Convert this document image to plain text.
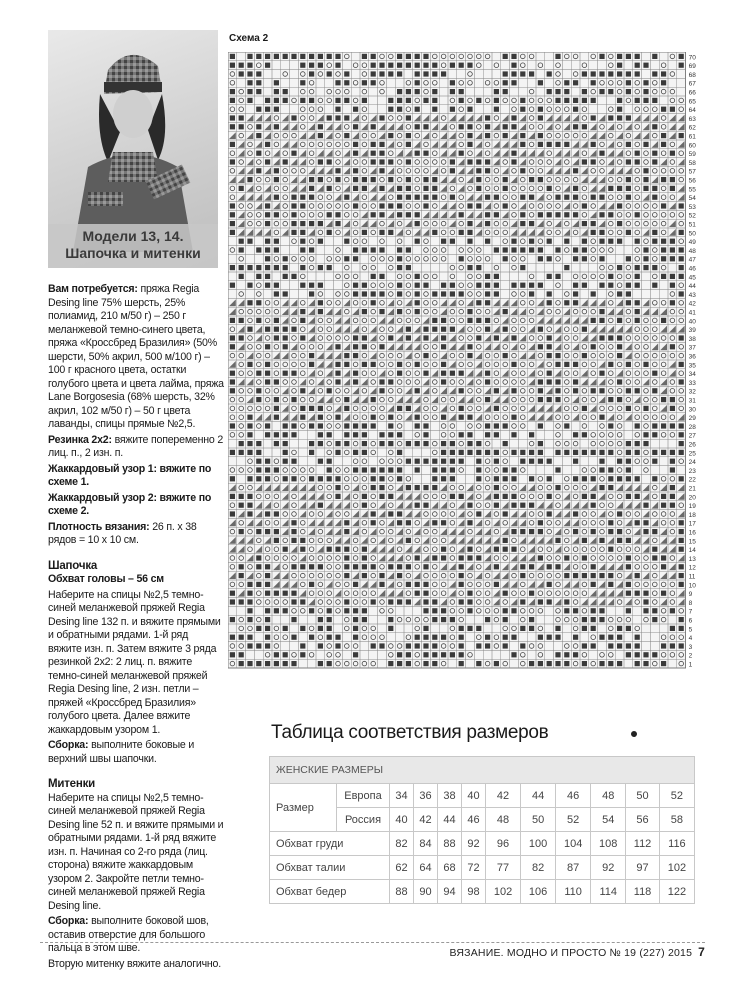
Модели 13, 14.
Шапочка и митенки

Вам потребуется: пряжа Regia Desing line 75% шерсть, 25% полиамид, 210 м/50 г) – 250 г меланжевой темно-синего цвета, пряжа «Кроссбред Бразилия» (50% шерсти, 50% акрил, 500 м/100 г) – 100 г красного цвета, остатки голубого цвета и цвета лайма, пряжа Lane Borgosesia (68% шерсть, 32% акрил, 102 м/50 г) – 50 г цвета лаванды, спицы прямые №2,5.

Резинка 2х2: вяжите попеременно 2 лиц. п., 2 изн. п.

Жаккардовый узор 1: вяжите по схеме 1.

Жаккардовый узор 2: вяжите по схеме 2.

Плотность вязания: 26 п. х 38 рядов = 10 х 10 см.

Шапочка

Обхват головы – 56 см

Наберите на спицы №2,5 темно-синей меланжевой пряжей Regia Desing line 132 п. и вяжите прямыми и обратными рядами. 1-й ряд вяжите изн. п. Затем вяжите 3 ряда резинкой 2х2: 2 лиц. п. вяжите темно-синей меланжевой пряжей Regia Desing line, 2 изн. петли – пряжей «Кроссбред Бразилия» голубого цвета. Далее вяжите жаккардовым узором 1.

Сборка: выполните боковые и верхний швы шапочки.

Митенки

Наберите на спицы №2,5 темно-синей меланжевой пряжей Regia Desing line 52 п. и вяжите прямыми и обратными рядами. 1-й ряд вяжите изн. п. Начиная со 2-го ряда (лиц. сторона) вяжите жаккардовым узором 2. Закройте петли темно-синей меланжевой пряжей Regia Desing line.

Сборка: выполните боковой шов, оставив отверстие для большого пальца в этом шве.

Вторую митенку вяжите аналогично.

Схема 2
70
69
68
67
66
65
64
63
62
61
60
59
58
57
56
55
54
53
52
51
50
49
48
47
46
45
44
43
42
41
40
39
38
37
36
35
34
33
32
31
30
29
28
27
26
25
24
23
22
21
20
19
18
17
16
15
14
13
12
11
10
9
8
7
6
5
4
3
2
1
Таблица соответствия размеров
ЖЕНСКИЕ РАЗМЕРЫ											
Размер	Европа	34	36	38	40	42	44	46	48	50	52
	Россия	40	42	44	46	48	50	52	54	56	58
Обхват груди		82	84	88	92	96	100	104	108	112	116
Обхват талии		62	64	68	72	77	82	87	92	97	102
Обхват бедер		88	90	94	98	102	106	110	114	118	122
ВЯЗАНИЕ. МОДНО И ПРОСТО № 19 (227) 2015 7
